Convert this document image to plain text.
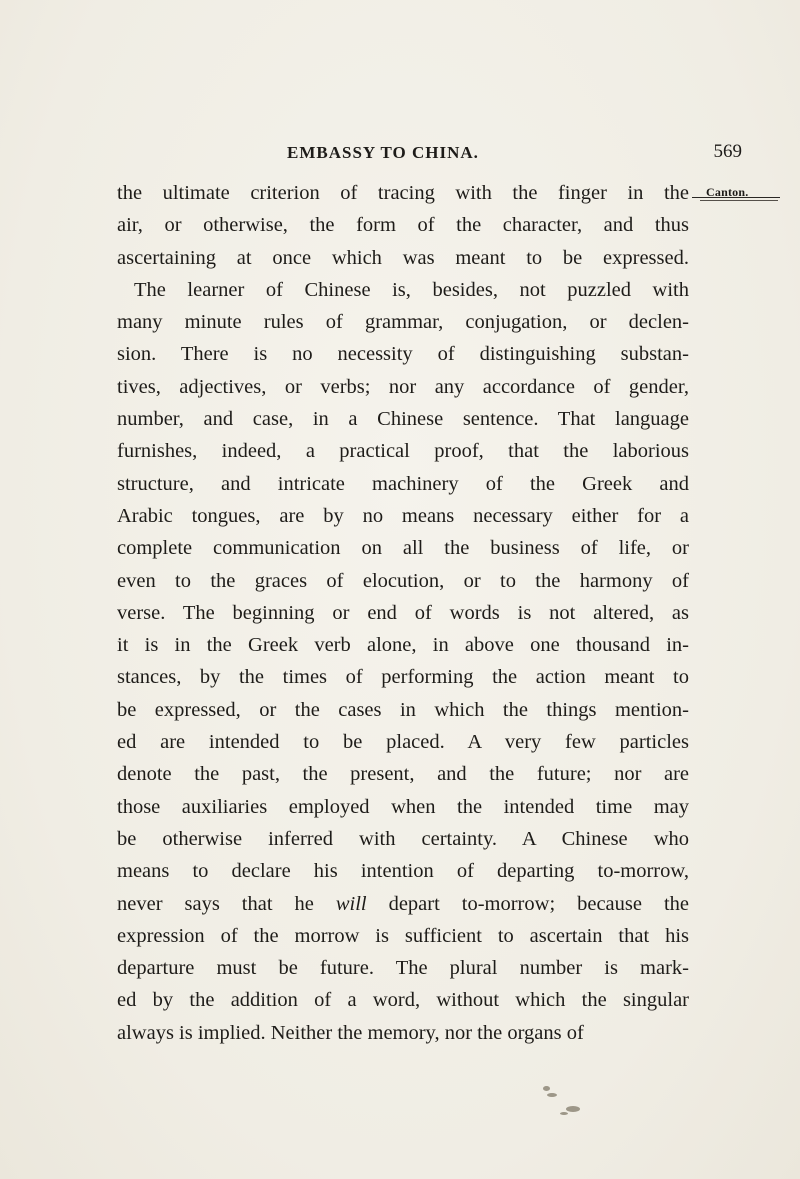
EMBASSY TO CHINA.	569
Canton.
the ultimate criterion of tracing with the finger in the
air, or otherwise, the form of the character, and thus
ascertaining at once which was meant to be expressed.
The learner of Chinese is, besides, not puzzled with
many minute rules of grammar, conjugation, or declen-
sion. There is no necessity of distinguishing substan-
tives, adjectives, or verbs; nor any accordance of gender,
number, and case, in a Chinese sentence. That language
furnishes, indeed, a practical proof, that the laborious
structure, and intricate machinery of the Greek and
Arabic tongues, are by no means necessary either for a
complete communication on all the business of life, or
even to the graces of elocution, or to the harmony of
verse. The beginning or end of words is not altered, as
it is in the Greek verb alone, in above one thousand in-
stances, by the times of performing the action meant to
be expressed, or the cases in which the things mention-
ed are intended to be placed. A very few particles
denote the past, the present, and the future; nor are
those auxiliaries employed when the intended time may
be otherwise inferred with certainty. A Chinese who
means to declare his intention of departing to-morrow,
never says that he will depart to-morrow; because the
expression of the morrow is sufficient to ascertain that his
departure must be future. The plural number is mark-
ed by the addition of a word, without which the singular
always is implied. Neither the memory, nor the organs of
